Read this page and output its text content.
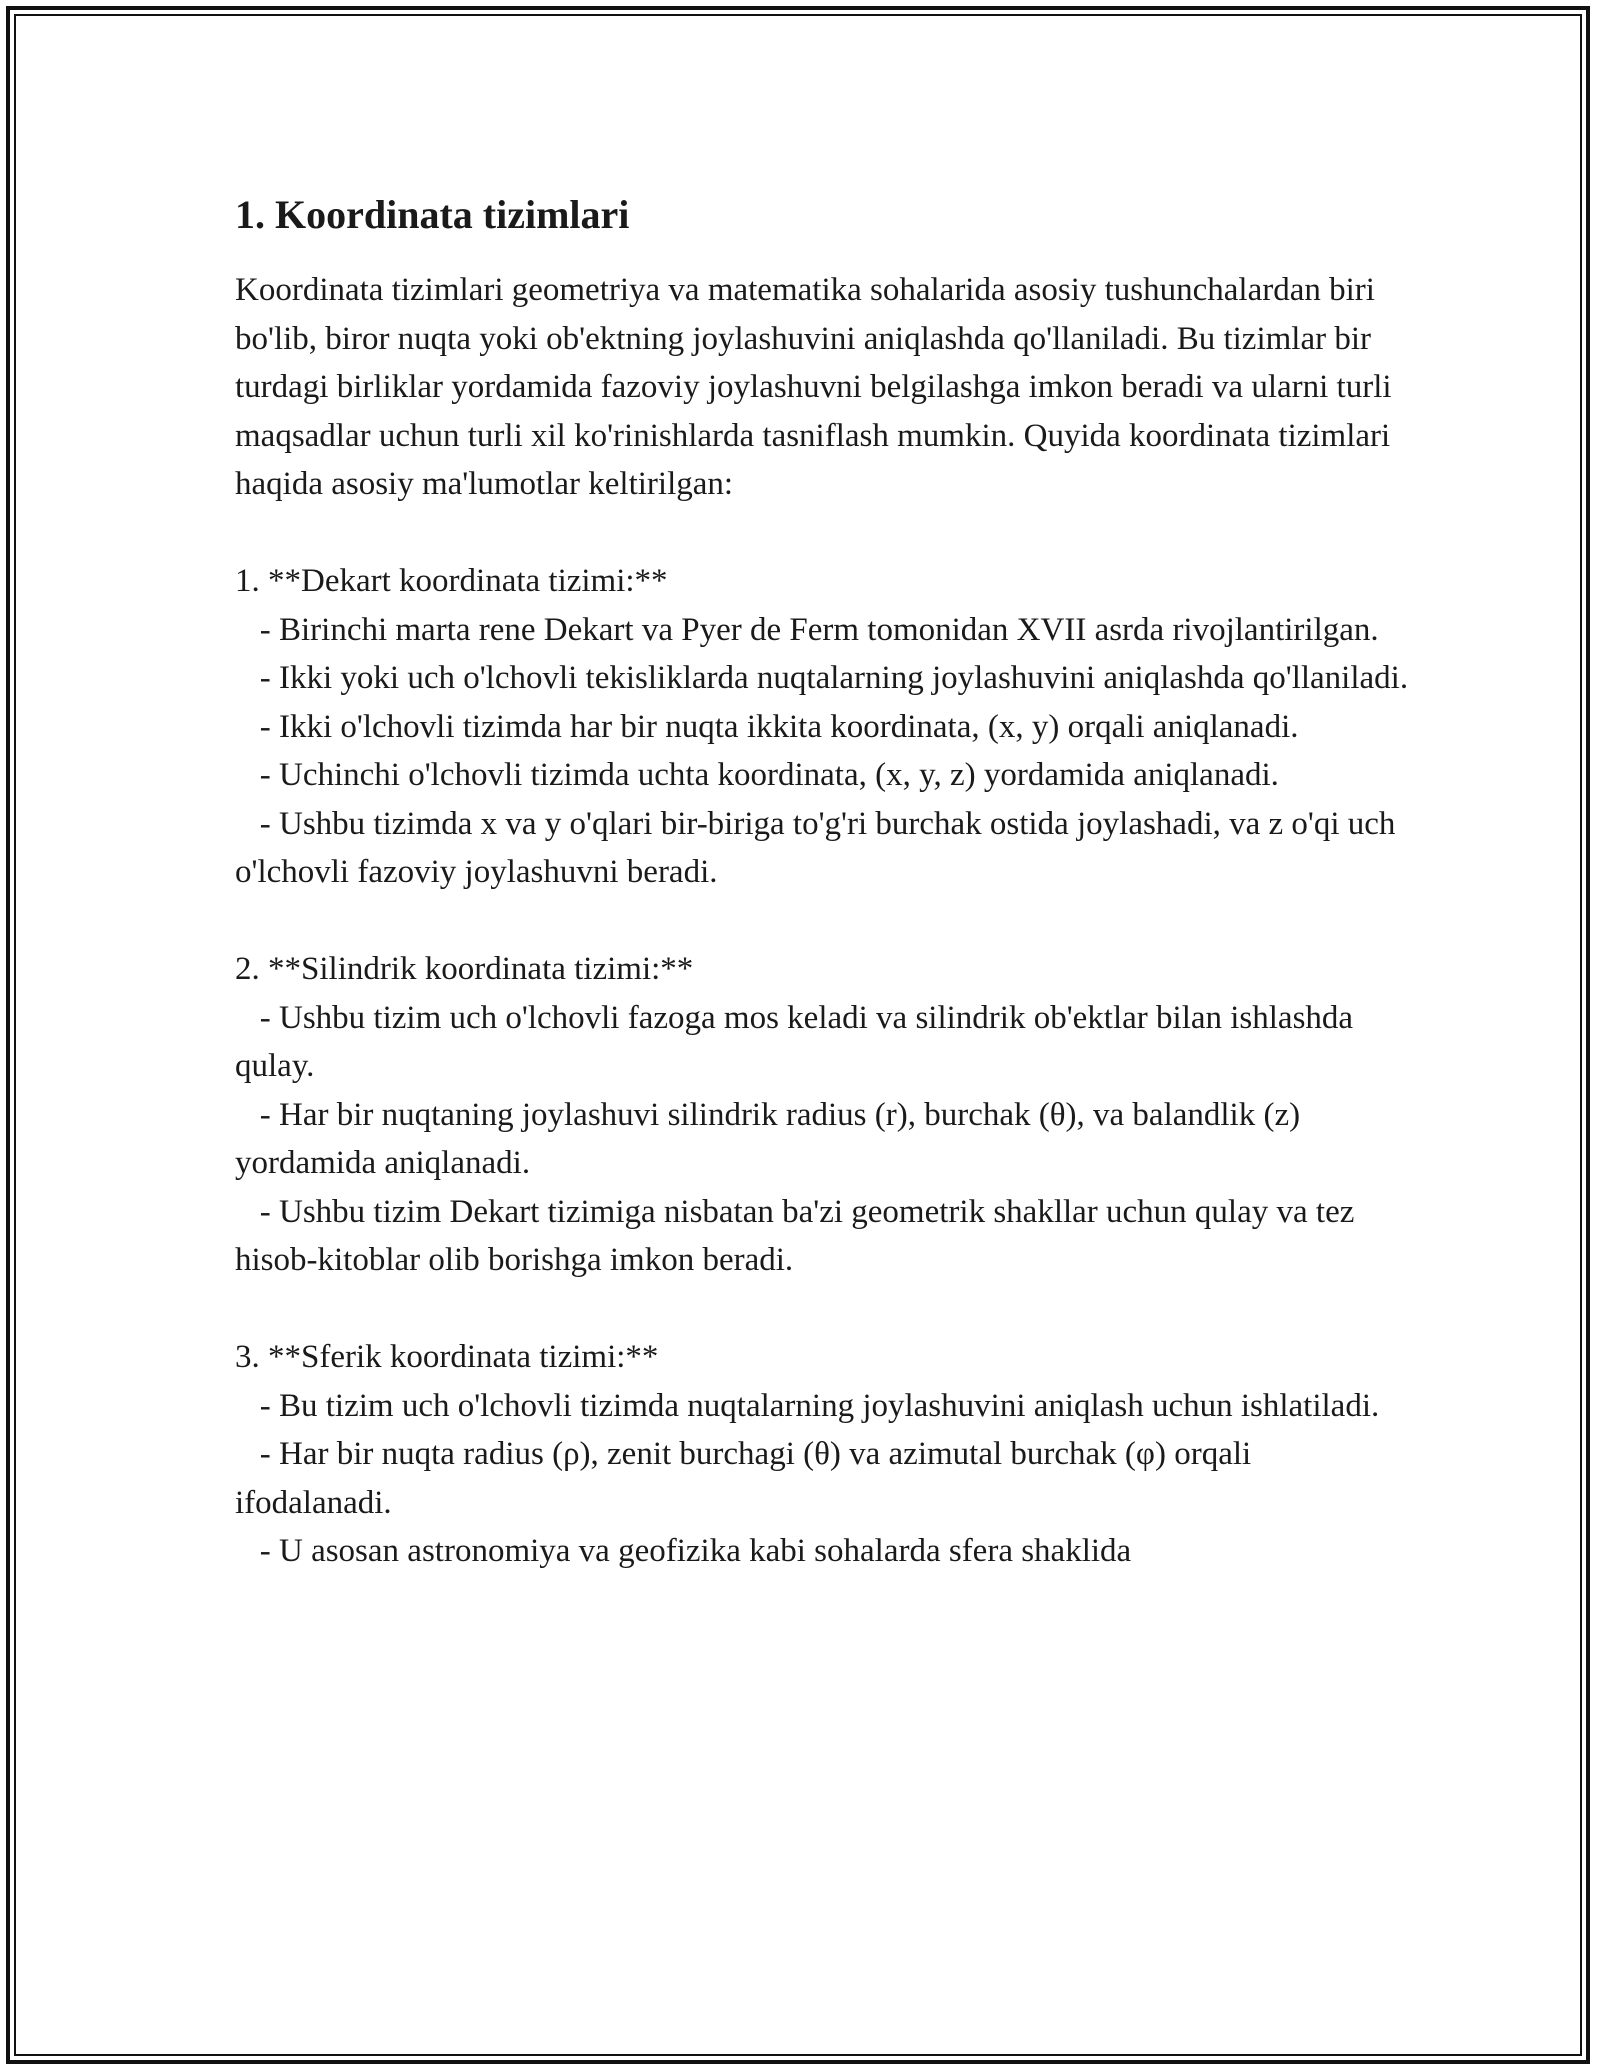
1. Koordinata tizimlari

Koordinata tizimlari geometriya va matematika sohalarida asosiy tushunchalardan biri bo'lib, biror nuqta yoki ob'ektning joylashuvini aniqlashda qo'llaniladi. Bu tizimlar bir turdagi birliklar yordamida fazoviy joylashuvni belgilashga imkon beradi va ularni turli maqsadlar uchun turli xil ko'rinishlarda tasniflash mumkin. Quyida koordinata tizimlari haqida asosiy ma'lumotlar keltirilgan:

1. **Dekart koordinata tizimi:**

- Birinchi marta rene Dekart va Pyer de Ferm tomonidan XVII asrda rivojlantirilgan.

- Ikki yoki uch o'lchovli tekisliklarda nuqtalarning joylashuvini aniqlashda qo'llaniladi.

- Ikki o'lchovli tizimda har bir nuqta ikkita koordinata, (x, y) orqali aniqlanadi.

- Uchinchi o'lchovli tizimda uchta koordinata, (x, y, z) yordamida aniqlanadi.

- Ushbu tizimda x va y o'qlari bir-biriga to'g'ri burchak ostida joylashadi, va z o'qi uch o'lchovli fazoviy joylashuvni beradi.

2. **Silindrik koordinata tizimi:**

- Ushbu tizim uch o'lchovli fazoga mos keladi va silindrik ob'ektlar bilan ishlashda qulay.

- Har bir nuqtaning joylashuvi silindrik radius (r), burchak (θ), va balandlik (z) yordamida aniqlanadi.

- Ushbu tizim Dekart tizimiga nisbatan ba'zi geometrik shakllar uchun qulay va tez hisob-kitoblar olib borishga imkon beradi.

3. **Sferik koordinata tizimi:**

- Bu tizim uch o'lchovli tizimda nuqtalarning joylashuvini aniqlash uchun ishlatiladi.

- Har bir nuqta radius (ρ), zenit burchagi (θ) va azimutal burchak (φ) orqali ifodalanadi.

- U asosan astronomiya va geofizika kabi sohalarda sfera shaklida
